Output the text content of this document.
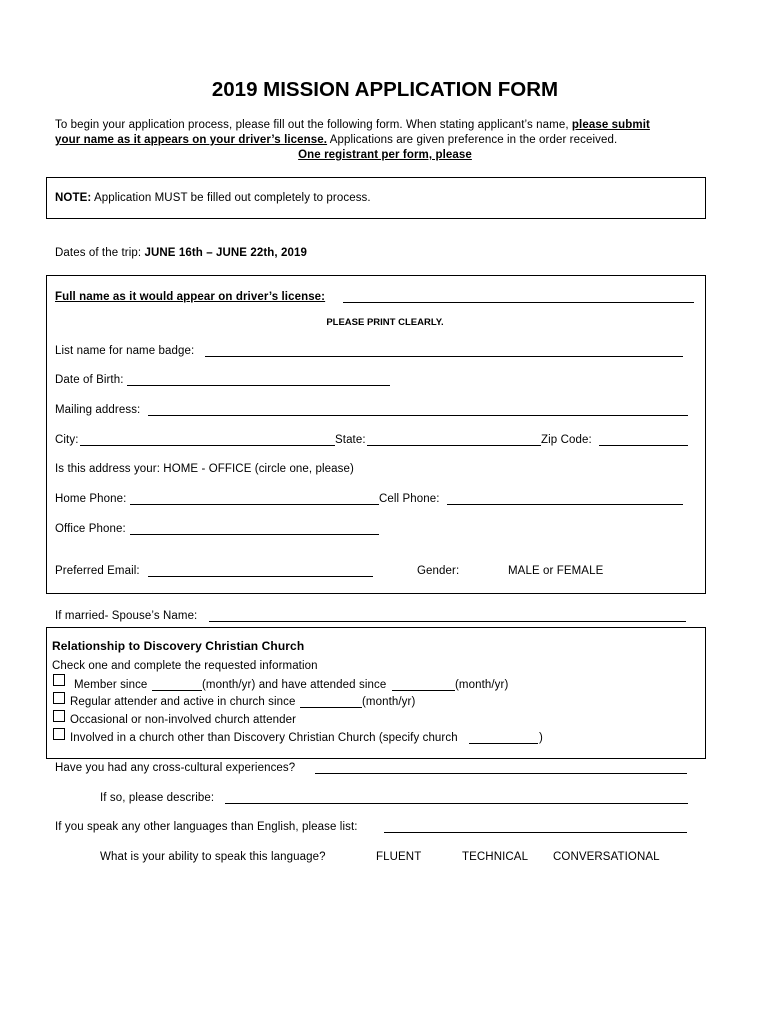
2019 MISSION APPLICATION FORM
To begin your application process, please fill out the following form. When stating applicant’s name, please submit
your name as it appears on your driver’s license. Applications are given preference in the order received.
One registrant per form, please
NOTE: Application MUST be filled out completely to process.
Dates of the trip: JUNE 16th – JUNE 22th, 2019
Full name as it would appear on driver’s license:
PLEASE PRINT CLEARLY.
List name for name badge:
Date of Birth:
Mailing address:
City:	State:	Zip Code:
Is this address your: HOME - OFFICE (circle one, please)
Home Phone:	Cell Phone:
Office Phone:
Preferred Email:	Gender:	MALE or FEMALE
If married- Spouse’s Name:
Relationship to Discovery Christian Church
Check one and complete the requested information
Member since	(month/yr) and have attended since	(month/yr)
Regular attender and active in church since	(month/yr)
Occasional or non-involved church attender
Involved in a church other than Discovery Christian Church (specify church	)
Have you had any cross-cultural experiences?
If so, please describe:
If you speak any other languages than English, please list:
What is your ability to speak this language?	FLUENT	TECHNICAL CONVERSATIONAL
